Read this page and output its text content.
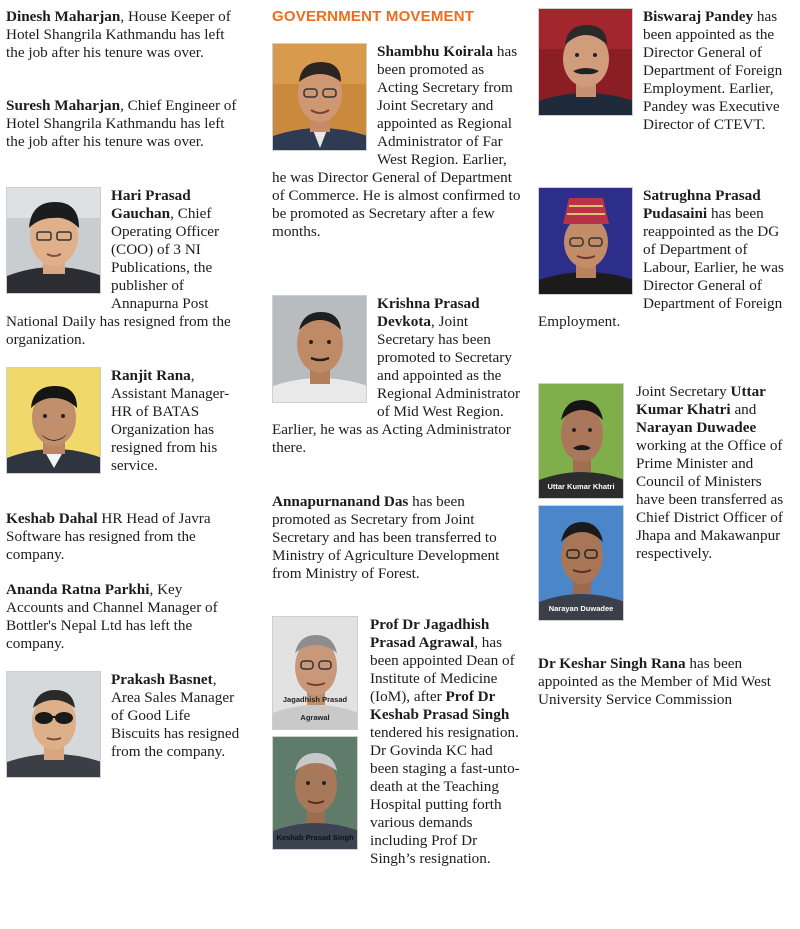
Dinesh Maharjan, House Keeper of Hotel Shangrila Kathmandu has left the job after his tenure was over.

Suresh Maharjan, Chief Engineer of Hotel Shangrila Kathmandu has left the job after his tenure was over.

Hari Prasad Gauchan, Chief Operating Officer (COO) of 3 NI Publications, the publisher of Annapurna Post National Daily has resigned from the organization.
Ranjit Rana, Assistant Manager- HR of BATAS Organization has resigned from his service.

Keshab Dahal HR Head of Javra Software has resigned from the company.

Ananda Ratna Parkhi, Key Accounts and Channel Manager of Bottler's Nepal Ltd has left the company.

Prakash Basnet, Area Sales Manager of Good Life Biscuits has resigned from the company.
GOVERNMENT MOVEMENT
Shambhu Koirala has been promoted as Acting Secretary from Joint Secretary and appointed as Regional Administrator of Far West Region. Earlier, he was Director General of Department of Commerce. He is almost confirmed to be promoted as Secretary after a few months.
Krishna Prasad Devkota, Joint Secretary has been promoted to Secretary and appointed as the Regional Administrator of Mid West Region. Earlier, he was as Acting Administrator there.

Annapurnanand Das has been promoted as Secretary from Joint Secretary and has been transferred to Ministry of Agriculture Development from Ministry of Forest.

Jagadhish Prasad Agrawal
Keshab Prasad Singh
Prof Dr Jagadhish Prasad Agrawal, has been appointed Dean of Institute of Medicine (IoM), after Prof Dr Keshab Prasad Singh tendered his resignation. Dr Govinda KC had been staging a fast-unto-death at the Teaching Hospital putting forth various demands including Prof Dr Singh’s resignation.
Biswaraj Pandey has been appointed as the Director General of Department of Foreign Employment. Earlier, Pandey was Executive Director of CTEVT.
Satrughna Prasad Pudasaini has been reappointed as the DG of Department of Labour, Earlier, he was Director General of Department of Foreign Employment.
Uttar Kumar Khatri
Narayan Duwadee
Joint Secretary Uttar Kumar Khatri and Narayan Duwadee working at the Office of Prime Minister and Council of Ministers have been transferred as Chief District Officer of Jhapa and Makawanpur respectively.

Dr Keshar Singh Rana has been appointed as the Member of Mid West University Service Commission
